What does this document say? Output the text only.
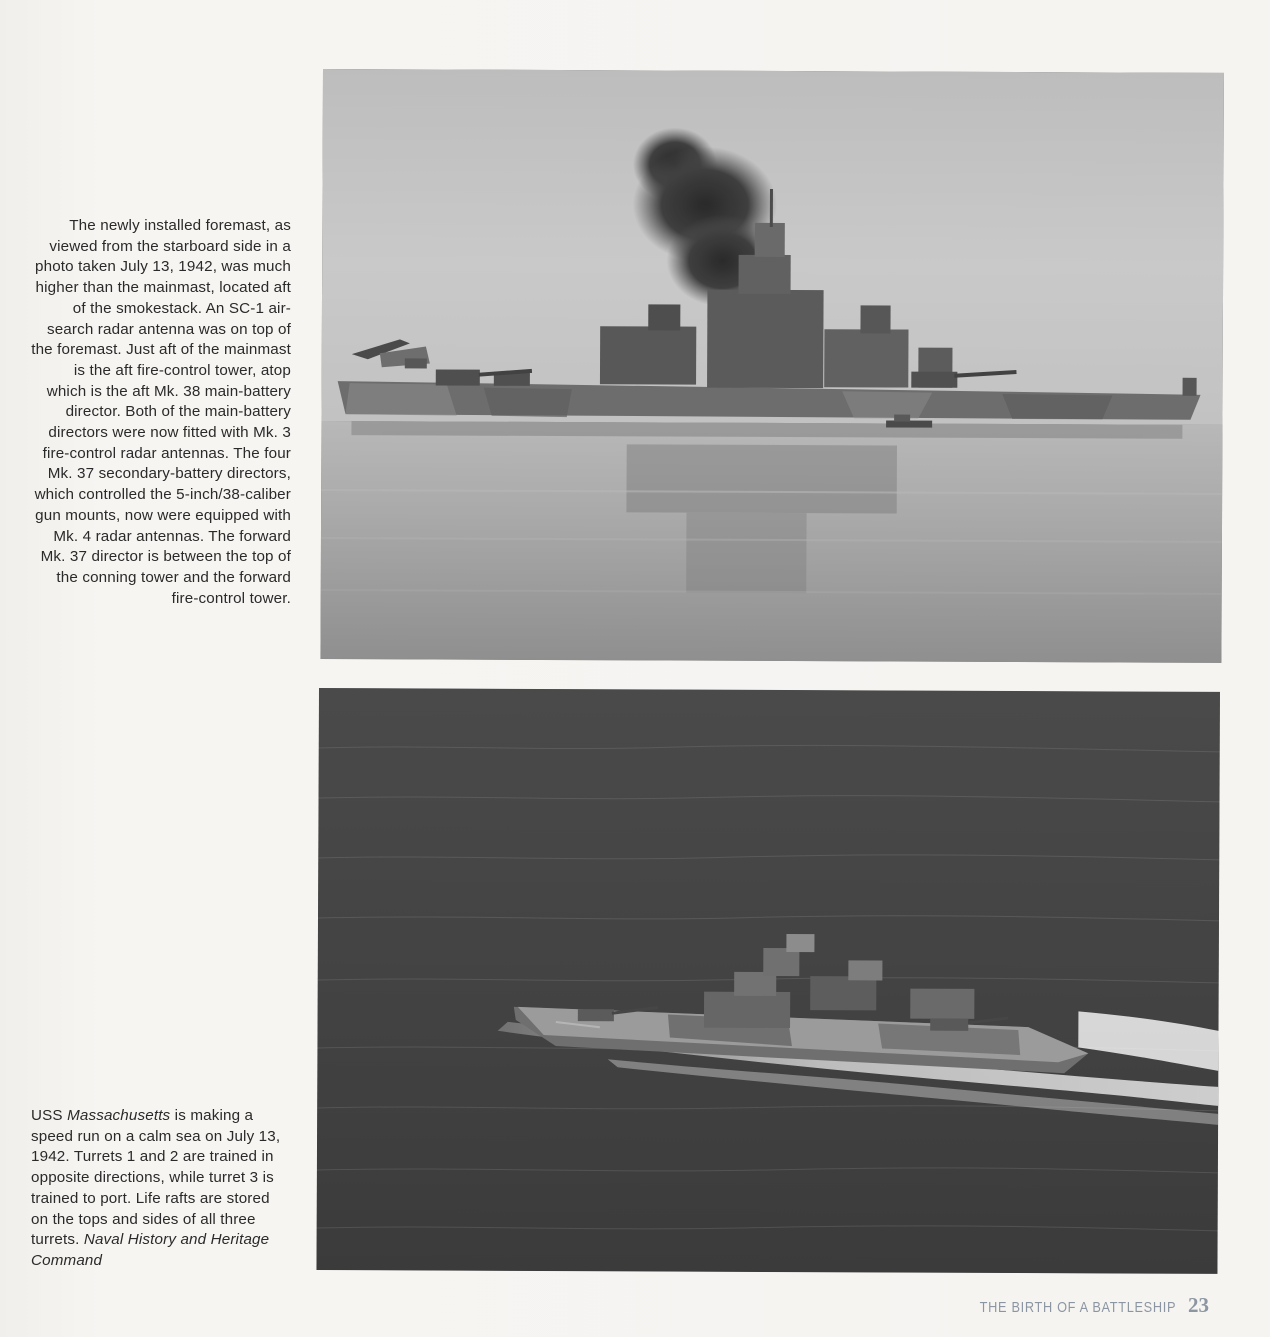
The newly installed foremast, as viewed from the starboard side in a photo taken July 13, 1942, was much higher than the mainmast, located aft of the smokestack. An SC-1 air-search radar antenna was on top of the foremast. Just aft of the mainmast is the aft fire-control tower, atop which is the aft Mk. 38 main-battery director. Both of the main-battery directors were now fitted with Mk. 3 fire-control radar antennas. The four Mk. 37 secondary-battery directors, which controlled the 5-inch/38-caliber gun mounts, now were equipped with Mk. 4 radar antennas. The forward Mk. 37 director is between the top of the conning tower and the forward fire-control tower.
USS Massachusetts is making a speed run on a calm sea on July 13, 1942. Turrets 1 and 2 are trained in opposite directions, while turret 3 is trained to port. Life rafts are stored on the tops and sides of all three turrets. Naval History and Heritage Command
THE BIRTH OF A BATTLESHIP 23
